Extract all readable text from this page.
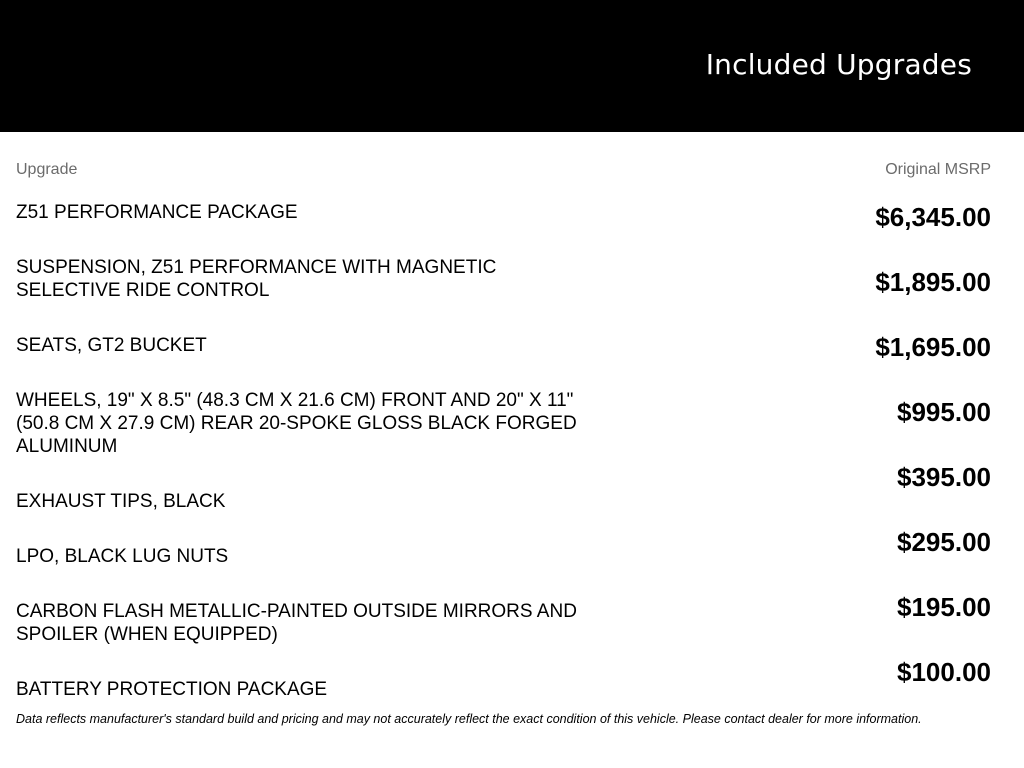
Included Upgrades
Upgrade	Original MSRP
Z51 PERFORMANCE PACKAGE
SUSPENSION, Z51 PERFORMANCE WITH MAGNETIC SELECTIVE RIDE CONTROL
SEATS, GT2 BUCKET
WHEELS, 19" X 8.5" (48.3 CM X 21.6 CM) FRONT AND 20" X 11" (50.8 CM X 27.9 CM) REAR 20-SPOKE GLOSS BLACK FORGED ALUMINUM
EXHAUST TIPS, BLACK
LPO, BLACK LUG NUTS
CARBON FLASH METALLIC-PAINTED OUTSIDE MIRRORS AND SPOILER (WHEN EQUIPPED)
BATTERY PROTECTION PACKAGE
$6,345.00
$1,895.00
$1,695.00
$995.00
$395.00
$295.00
$195.00
$100.00
Data reflects manufacturer's standard build and pricing and may not accurately reflect the exact condition of this vehicle. Please contact dealer for more information.
